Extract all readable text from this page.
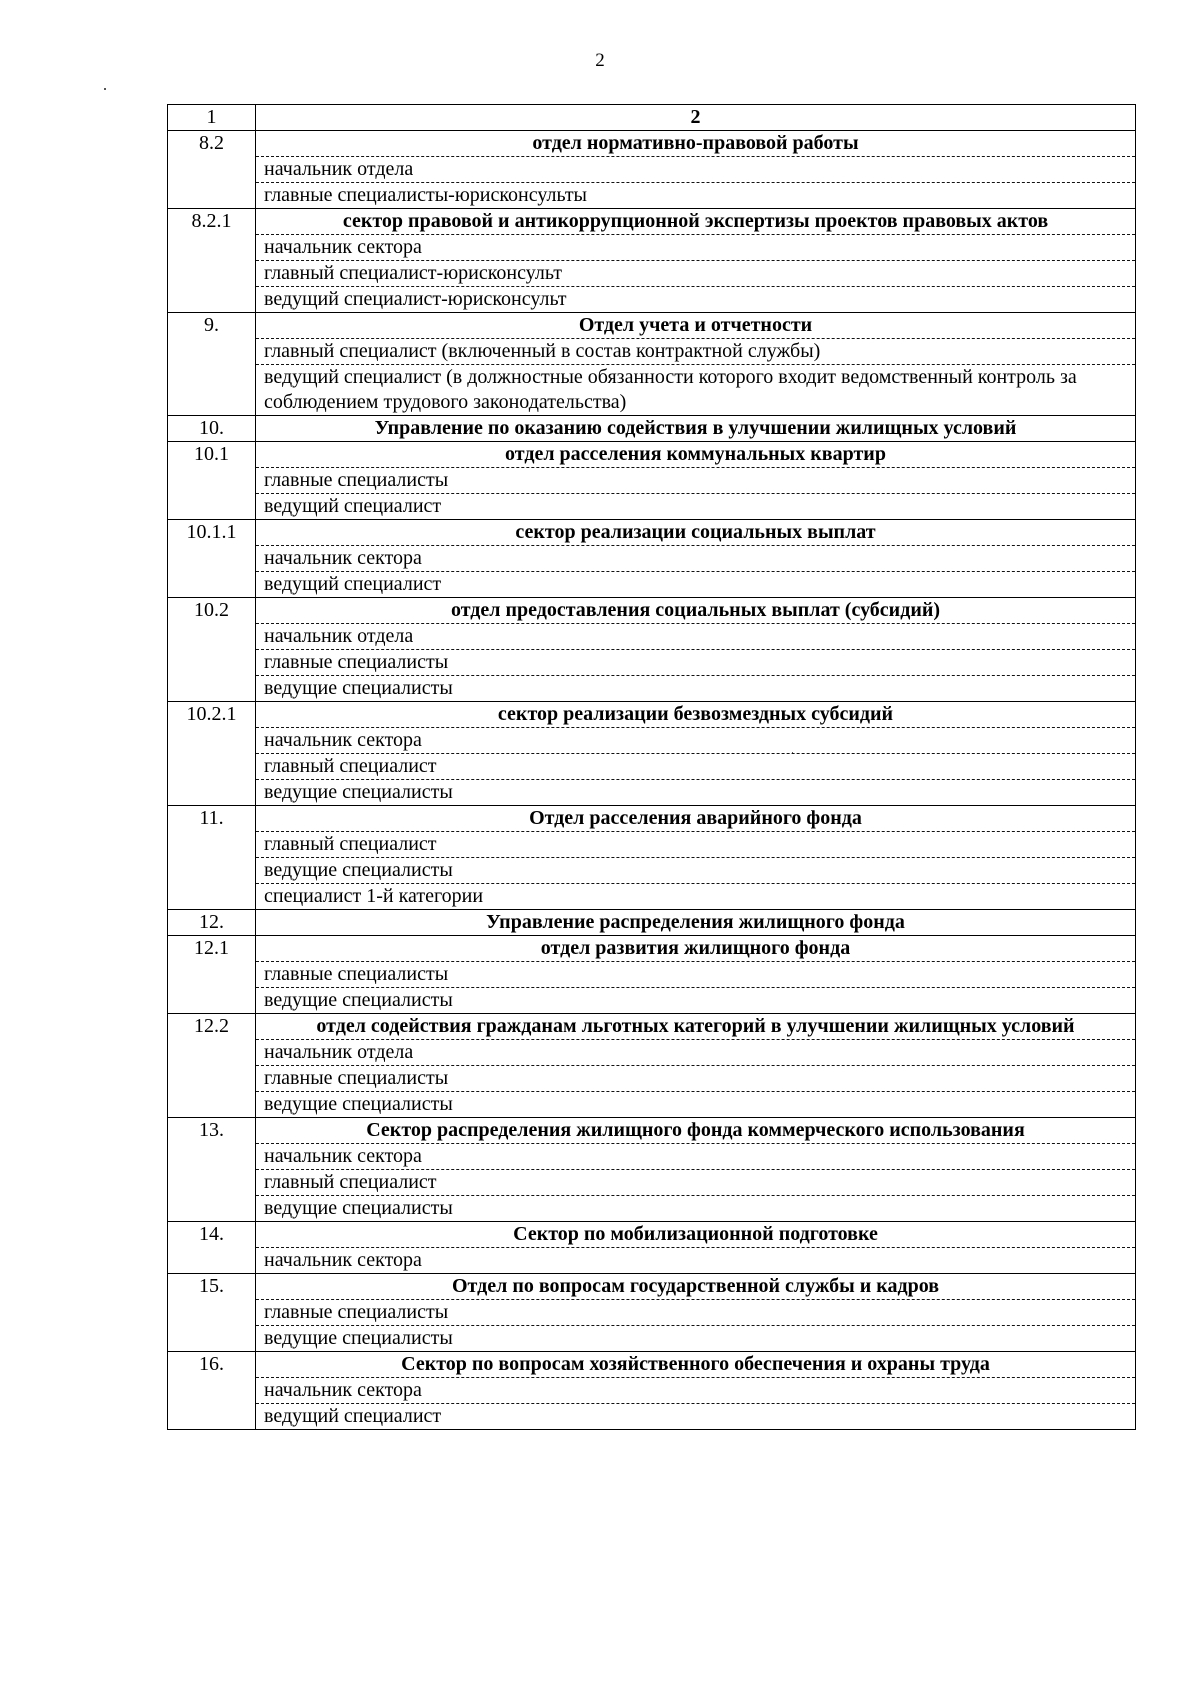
2
1	2
8.2	отдел нормативно-правовой работы
	начальник отдела
	главные специалисты-юрисконсульты
8.2.1	сектор правовой и антикоррупционной экспертизы проектов правовых актов
	начальник сектора
	главный специалист-юрисконсульт
	ведущий специалист-юрисконсульт
9.	Отдел учета и отчетности
	главный специалист (включенный в состав контрактной службы)
	ведущий специалист (в должностные обязанности которого входит ведомственный контроль за соблюдением трудового законодательства)
10.	Управление по оказанию содействия в улучшении жилищных условий
10.1	отдел расселения коммунальных квартир
	главные специалисты
	ведущий специалист
10.1.1	сектор реализации социальных выплат
	начальник сектора
	ведущий специалист
10.2	отдел предоставления социальных выплат (субсидий)
	начальник отдела
	главные специалисты
	ведущие специалисты
10.2.1	сектор реализации безвозмездных субсидий
	начальник сектора
	главный специалист
	ведущие специалисты
11.	Отдел расселения аварийного фонда
	главный специалист
	ведущие специалисты
	специалист 1-й категории
12.	Управление распределения жилищного фонда
12.1	отдел развития жилищного фонда
	главные специалисты
	ведущие специалисты
12.2	отдел содействия гражданам льготных категорий в улучшении жилищных условий
	начальник отдела
	главные специалисты
	ведущие специалисты
13.	Сектор распределения жилищного фонда коммерческого использования
	начальник сектора
	главный специалист
	ведущие специалисты
14.	Сектор по мобилизационной подготовке
	начальник сектора
15.	Отдел по вопросам государственной службы и кадров
	главные специалисты
	ведущие специалисты
16.	Сектор по вопросам хозяйственного обеспечения и охраны труда
	начальник сектора
	ведущий специалист
